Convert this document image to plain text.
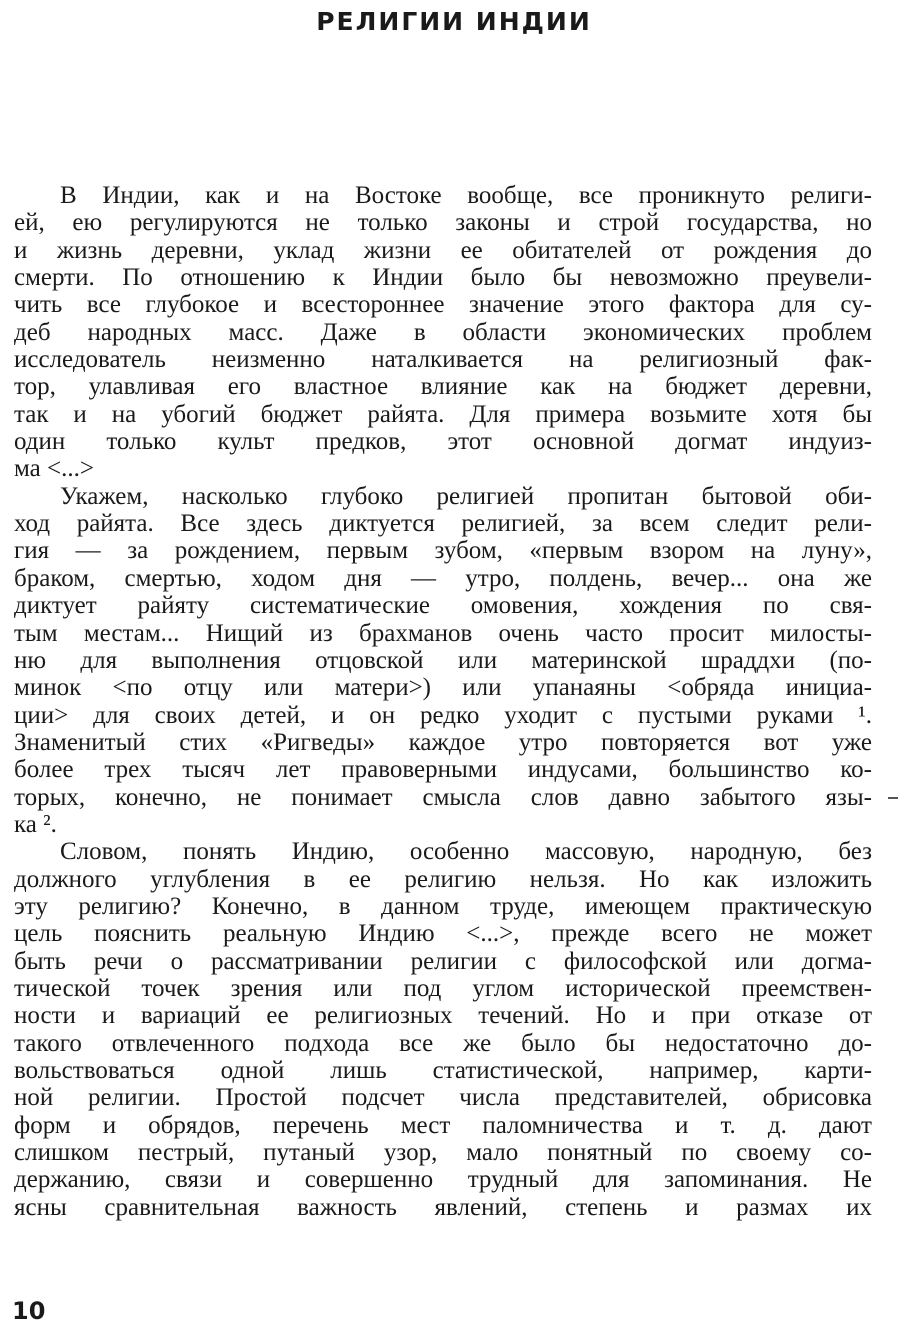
РЕЛИГИИ ИНДИИ
В Индии, как и на Востоке вообще, все проникнуто религи-
ей, ею регулируются не только законы и строй государства, но
и жизнь деревни, уклад жизни ее обитателей от рождения до
смерти. По отношению к Индии было бы невозможно преувели-
чить все глубокое и всестороннее значение этого фактора для су-
деб народных масс. Даже в области экономических проблем
исследователь неизменно наталкивается на религиозный фак-
тор, улавливая его властное влияние как на бюджет деревни,
так и на убогий бюджет райята. Для примера возьмите хотя бы
один только культ предков, этот основной догмат индуиз-
ма <...>
Укажем, насколько глубоко религией пропитан бытовой оби-
ход райята. Все здесь диктуется религией, за всем следит рели-
гия — за рождением, первым зубом, «первым взором на луну»,
браком, смертью, ходом дня — утро, полдень, вечер... она же
диктует райяту систематические омовения, хождения по свя-
тым местам... Нищий из брахманов очень часто просит милосты-
ню для выполнения отцовской или материнской шраддхи (по-
минок <по отцу или матери>) или упанаяны <обряда инициа-
ции> для своих детей, и он редко уходит с пустыми руками ¹.
Знаменитый стих «Ригведы» каждое утро повторяется вот уже
более трех тысяч лет правоверными индусами, большинство ко-
торых, конечно, не понимает смысла слов давно забытого язы-
ка ².
Словом, понять Индию, особенно массовую, народную, без
должного углубления в ее религию нельзя. Но как изложить
эту религию? Конечно, в данном труде, имеющем практическую
цель пояснить реальную Индию <...>, прежде всего не может
быть речи о рассматривании религии с философской или догма-
тической точек зрения или под углом исторической преемствен-
ности и вариаций ее религиозных течений. Но и при отказе от
такого отвлеченного подхода все же было бы недостаточно до-
вольствоваться одной лишь статистической, например, карти-
ной религии. Простой подсчет числа представителей, обрисовка
форм и обрядов, перечень мест паломничества и т. д. дают
слишком пестрый, путаный узор, мало понятный по своему со-
держанию, связи и совершенно трудный для запоминания. Не
ясны сравнительная важность явлений, степень и размах их
10
